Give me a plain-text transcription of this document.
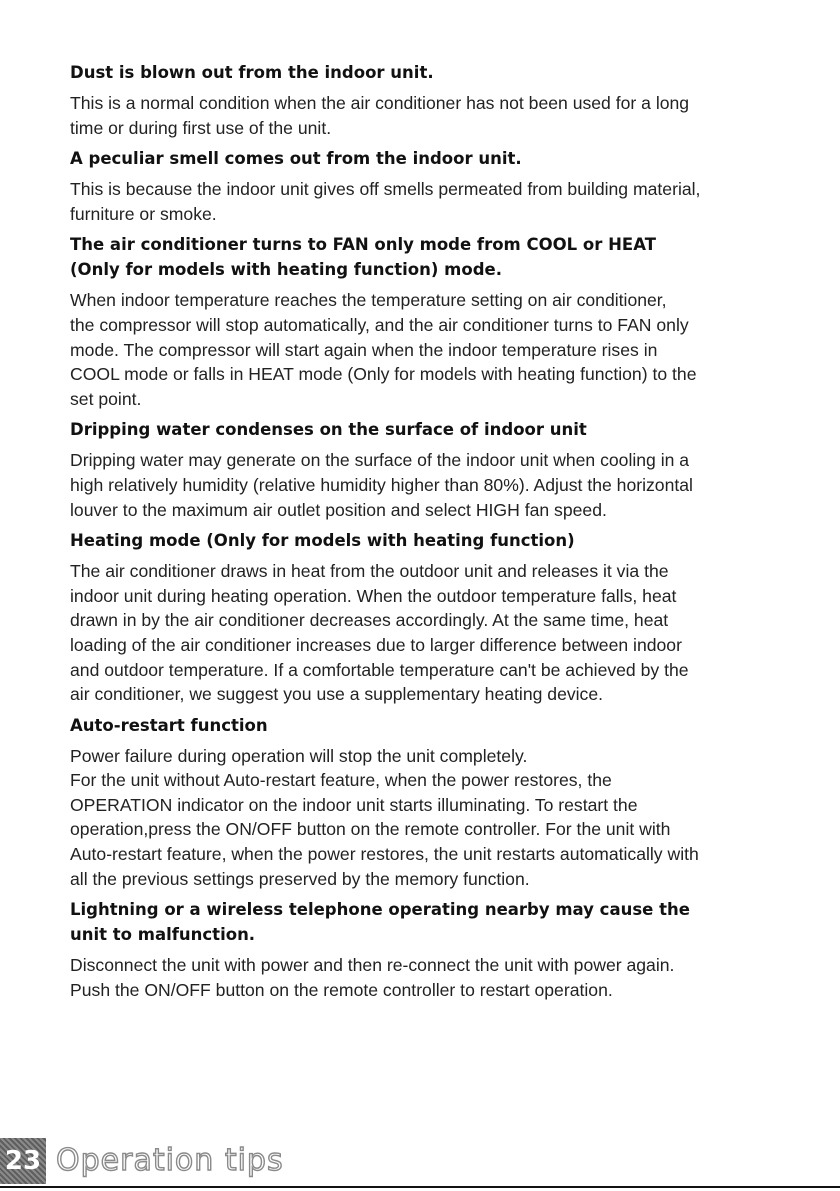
Dust is blown out from the indoor unit.
This is a normal condition when the air conditioner has not been used for a long
time or during first use of the unit.
A peculiar smell comes out from the indoor unit.
This is because the indoor unit gives off smells permeated from building material,
furniture or smoke.
The air conditioner turns to FAN only mode from COOL or HEAT
(Only for models with heating function) mode.
When indoor temperature reaches the temperature setting on air conditioner,
the compressor will stop automatically, and the air conditioner turns to FAN only
mode. The compressor will start again when the indoor temperature rises in
COOL mode or falls in HEAT mode (Only for models with heating function) to the
set point.
Dripping water condenses on the surface of indoor unit
Dripping water may generate on the surface of the indoor unit when cooling in a
high relatively humidity (relative humidity higher than 80%). Adjust the horizontal
louver to the maximum air outlet position and select HIGH fan speed.
Heating mode (Only for models with heating function)
The air conditioner draws in heat from the outdoor unit and releases it via the
indoor unit during heating operation. When the outdoor temperature falls, heat
drawn in by the air conditioner decreases accordingly. At the same time, heat
loading of the air conditioner increases due to larger difference between indoor
and outdoor temperature. If a comfortable temperature can't be achieved by the
air conditioner, we suggest you use a supplementary heating device.
Auto-restart function
Power failure during operation will stop the unit completely.
For the unit without Auto-restart feature, when the power restores, the
OPERATION indicator on the indoor unit starts illuminating. To restart the
operation,press the ON/OFF button on the remote controller. For the unit with
Auto-restart feature, when the power restores, the unit restarts automatically with
all the previous settings preserved by the memory function.
Lightning or a wireless telephone operating nearby may cause the
unit to malfunction.
Disconnect the unit with power and then re-connect the unit with power again.
Push the ON/OFF button on the remote controller to restart operation.
23 Operation tips
